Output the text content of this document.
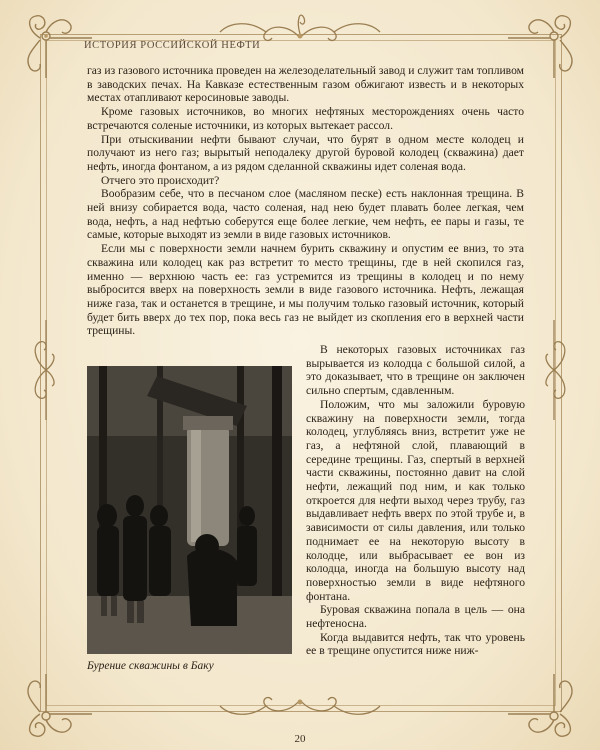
ИСТОРИЯ РОССИЙСКОЙ НЕФТИ

газ из газового источника проведен на железоделательный завод и служит там топливом в заводских печах. На Кавказе естественным газом обжигают известь и в некоторых местах отапливают керосиновые заводы.

Кроме газовых источников, во многих нефтяных месторождениях очень часто встречаются соленые источники, из которых вытекает рассол.

При отыскивании нефти бывают случаи, что бурят в одном месте колодец и получают из него газ; вырытый неподалеку другой буровой колодец (скважина) дает нефть, иногда фонтаном, а из рядом сделанной скважины идет соленая вода.

Отчего это происходит?

Вообразим себе, что в песчаном слое (масляном песке) есть наклонная трещина. В ней внизу собирается вода, часто соленая, над нею будет плавать более легкая, чем вода, нефть, а над нефтью соберутся еще более легкие, чем нефть, ее пары и газы, те самые, которые выходят из земли в виде газовых источников.

Если мы с поверхности земли начнем бурить скважину и опустим ее вниз, то эта скважина или колодец как раз встретит то место трещины, где в ней скопился газ, именно — верхнюю часть ее: газ устремится из трещины в колодец и по нему выбросится вверх на поверхность земли в виде газового источника. Нефть, лежащая ниже газа, так и останется в трещине, и мы получим только газовый источник, который будет бить вверх до тех пор, пока весь газ не выйдет из скопления его в верхней части трещины.

В некоторых газовых источниках газ вырывается из колодца с большой силой, а это доказывает, что в трещине он заключен сильно спертым, сдавленным.

Положим, что мы заложили буровую скважину на поверхности земли, тогда колодец, углубляясь вниз, встретит уже не газ, а нефтяной слой, плавающий в середине трещины. Газ, спертый в верхней части скважины, постоянно давит на слой нефти, лежащий под ним, и как только откроется для нефти выход через трубу, газ выдавливает нефть вверх по этой трубе и, в зависимости от силы давления, или только поднимает ее на некоторую высоту в колодце, или выбрасывает ее вон из колодца, иногда на большую высоту над поверхностью земли в виде нефтяного фонтана.

Буровая скважина попала в цель — она нефтеносна.

Когда выдавится нефть, так что уровень ее в трещине опустится ниже ниж-

Бурение скважины в Баку
20
